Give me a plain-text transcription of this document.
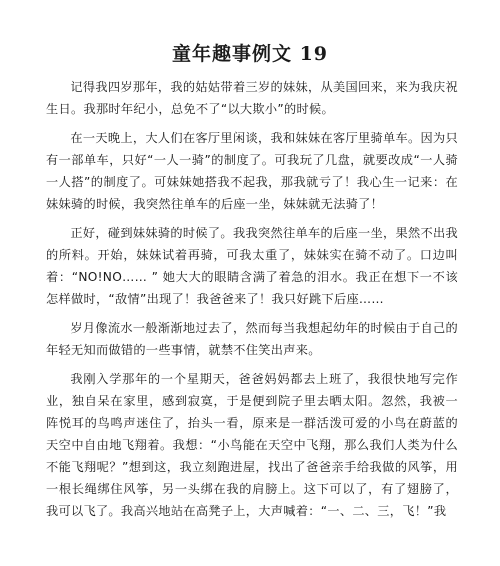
童年趣事例文 19

记得我四岁那年，我的姑姑带着三岁的妹妹，从美国回来，来为我庆祝生日。我那时年纪小，总免不了“以大欺小”的时候。

在一天晚上，大人们在客厅里闲谈，我和妹妹在客厅里骑单车。因为只有一部单车，只好“一人一骑”的制度了。可我玩了几盘，就要改成“一人骑一人搭”的制度了。可妹妹她搭我不起我，那我就亏了！我心生一记来：在妹妹骑的时候，我突然往单车的后座一坐，妹妹就无法骑了！

正好，碰到妹妹骑的时候了。我我突然往单车的后座一坐，果然不出我的所料。开始，妹妹试着再骑，可我太重了，妹妹实在骑不动了。口边叫着：“NO!NO…… ” 她大大的眼睛含满了着急的泪水。我正在想下一不该怎样做时，“敌情”出现了！我爸爸来了！我只好跳下后座……

岁月像流水一般渐渐地过去了，然而每当我想起幼年的时候由于自己的年轻无知而做错的一些事情，就禁不住笑出声来。

我刚入学那年的一个星期天，爸爸妈妈都去上班了，我很快地写完作业，独自呆在家里，感到寂寞，于是便到院子里去晒太阳。忽然，我被一阵悦耳的鸟鸣声迷住了，抬头一看，原来是一群活泼可爱的小鸟在蔚蓝的天空中自由地飞翔着。我想：“小鸟能在天空中飞翔，那么我们人类为什么不能飞翔呢？”想到这，我立刻跑进屋，找出了爸爸亲手给我做的风筝，用一根长绳绑住风筝，另一头绑在我的肩膀上。这下可以了，有了翅膀了，我可以飞了。我高兴地站在高凳子上，大声喊着：“一、二、三，飞！”我
